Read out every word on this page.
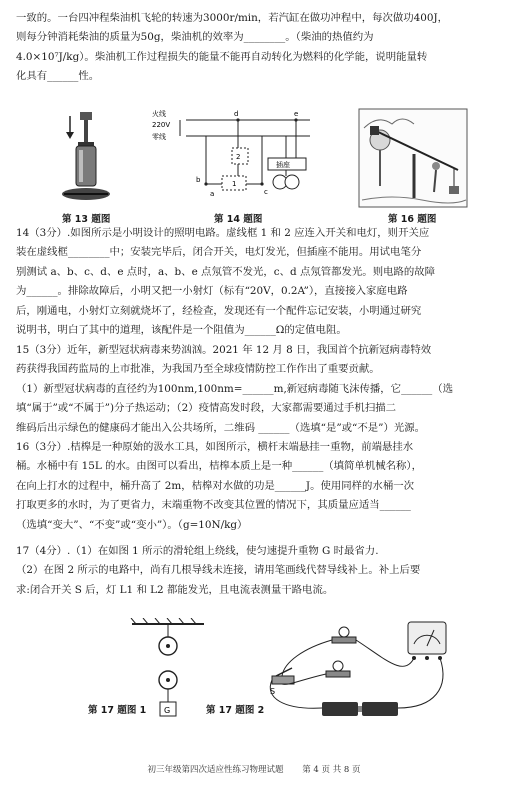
一致的。一台四冲程柴油机飞轮的转速为3000r/min，若汽缸在做功冲程中，每次做功400J，
则每分钟消耗柴油的质量为50g，柴油机的效率为________。（柴油的热值约为
4.0×10⁷J/kg）。柴油机工作过程损失的能量不能再自动转化为燃料的化学能，说明能量转
化具有______性。
火线
220V
零线
d	e
b
c
a
2
1
插座
第 13 题图	第 14 题图	第 16 题图
14（3分）.如图所示是小明设计的照明电路。虚线框 1 和 2 应连入开关和电灯，则开关应
装在虚线框________中；安装完毕后，闭合开关，电灯发光，但插座不能用。用试电笔分
别测试 a、b、c、d、e 点时，a、b、e 点氖管不发光，c、d 点氖管都发光。则电路的故障
为______。排除故障后，小明又把一小射灯（标有“20V，0.2A”），直接接入家庭电路
后，刚通电，小射灯立刻就烧坏了，经检查，发现还有一个配件忘记安装，小明通过研究
说明书，明白了其中的道理，该配件是一个阻值为______Ω的定值电阻。
15（3分）近年，新型冠状病毒来势汹汹。2021 年 12 月 8 日，我国首个抗新冠病毒特效
药获得我国药监局的上市批准，为我国乃至全球疫情防控工作作出了重要贡献。
（1）新型冠状病毒的直径约为100nm,100nm=______m,新冠病毒随飞沫传播，它______（选
填“属于”或“不属于”)分子热运动；（2）疫情高发时段，大家都需要通过手机扫描二
维码后出示绿色的健康码才能出入公共场所，二维码 ______（选填“是”或“不是”）光源。
16（3分）.桔槔是一种原始的汲水工具，如图所示，横杆末端悬挂一重物，前端悬挂水
桶。水桶中有 15L 的水。由图可以看出，桔槔本质上是一种______（填简单机械名称），
在向上打水的过程中，桶升高了 2m，桔槔对水做的功是______J。使用同样的水桶一次
打取更多的水时，为了更省力，末端重物不改变其位置的情况下，其质量应适当______
（选填“变大”、“不变”或“变小”）。（g=10N/kg）
17（4分）.（1）在如图 1 所示的滑轮组上绕线，使匀速提升重物 G 时最省力.
（2）在图 2 所示的电路中，尚有几根导线未连接，请用笔画线代替导线补上。补上后要
求:闭合开关 S 后，灯 L1 和 L2 都能发光，且电流表测量干路电流。
G
S
第 17 题图 1	第 17 题图 2
初三年级第四次适应性练习物理试题 第 4 页 共 8 页
